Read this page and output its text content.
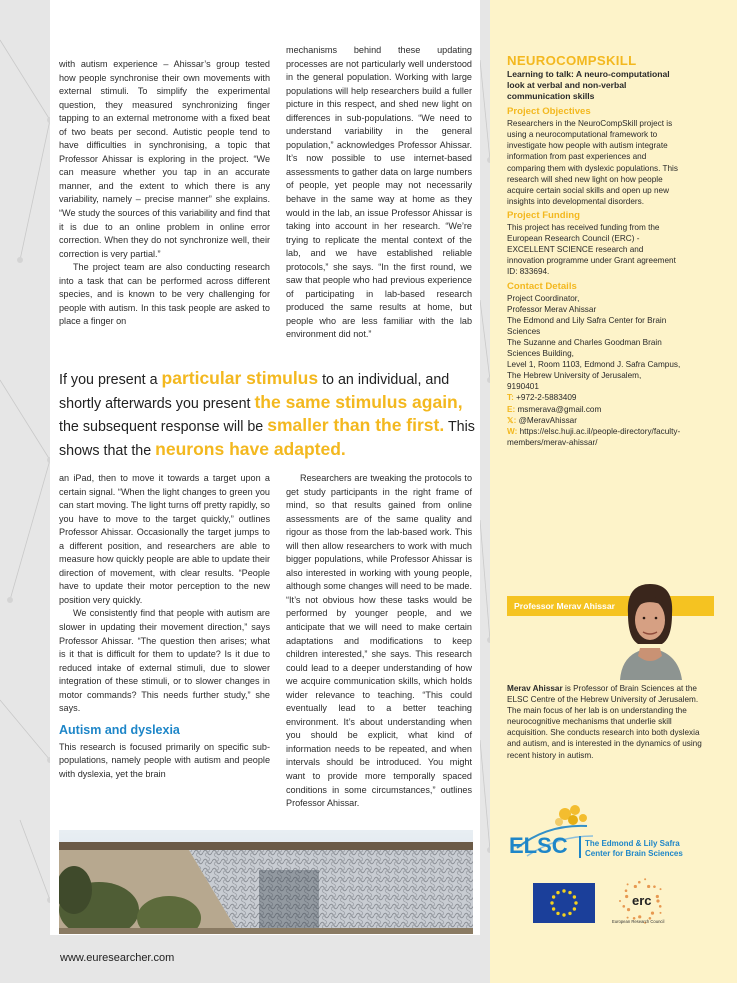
with autism experience – Ahissar’s group tested how people synchronise their own movements with external stimuli. To simplify the experimental question, they measured synchronizing finger tapping to an external metronome with a fixed beat of two beats per second. Autistic people tend to have difficulties in synchronising, a topic that Professor Ahissar is exploring in the project. “We can measure whether you tap in an accurate manner, and the extent to which there is any variability, namely – precise manner” she explains. “We study the sources of this variability and find that it is due to an online problem in online error correction. When they do not synchronize well, their correction is very partial.”

The project team are also conducting research into a task that can be performed across different species, and is known to be very challenging for people with autism. In this task people are asked to place a finger on

mechanisms behind these updating processes are not particularly well understood in the general population. Working with large populations will help researchers build a fuller picture in this respect, and shed new light on differences in sub-populations. “We need to understand variability in the general population,” acknowledges Professor Ahissar. It’s now possible to use internet-based assessments to gather data on large numbers of people, yet people may not necessarily behave in the same way at home as they would in the lab, an issue Professor Ahissar is taking into account in her research. “We’re trying to replicate the mental context of the lab, and we have established reliable protocols,” she says. “In the first round, we saw that people who had previous experience of participating in lab-based research produced the same results at home, but people who are less familiar with the lab environment did not.”

If you present a particular stimulus to an individual, and shortly afterwards you present the same stimulus again, the subsequent response will be smaller than the first. This shows that the neurons have adapted.

an iPad, then to move it towards a target upon a certain signal. “When the light changes to green you can start moving. The light turns off pretty rapidly, so you have to move to the target quickly,” outlines Professor Ahissar. Occasionally the target jumps to a different position, and researchers are able to measure how quickly people are able to update their direction of movement, with clear results. “People have to update their motor perception to the new position very quickly.

We consistently find that people with autism are slower in updating their movement direction,” says Professor Ahissar. “The question then arises; what is it that is difficult for them to update? Is it due to reduced intake of external stimuli, due to slower integration of these stimuli, or to slower changes in motor commands? This needs further study,” she says.

Autism and dyslexia

This research is focused primarily on specific sub-populations, namely people with autism and people with dyslexia, yet the brain

Researchers are tweaking the protocols to get study participants in the right frame of mind, so that results gained from online assessments are of the same quality and rigour as those from the lab-based work. This will then allow researchers to work with much bigger populations, while Professor Ahissar is also interested in working with young people, although some changes will need to be made. “It’s not obvious how these tasks would be performed by younger people, and we anticipate that we will need to make certain adaptations and modifications to keep children interested,” she says. This research could lead to a deeper understanding of how we acquire communication skills, which holds wider relevance to teaching. “This could eventually lead to a better teaching environment. It’s about understanding when you should be explicit, what kind of information needs to be repeated, and when intervals should be introduced. You might want to provide more temporally spaced conditions in some circumstances,” outlines Professor Ahissar.

www.euresearcher.com
NEUROCOMPSKILL
Learning to talk: A neuro-computational look at verbal and non-verbal communication skills
Project Objectives
Researchers in the NeuroCompSkill project is using a neurocomputational framework to investigate how people with autism integrate information from past experiences and comparing them with dyslexic populations. This research will shed new light on how people acquire certain social skills and open up new insights into developmental disorders.
Project Funding
This project has received funding from the European Research Council (ERC) - EXCELLENT SCIENCE research and innovation programme under Grant agreement ID: 833694.
Contact Details
Project Coordinator,
Professor Merav Ahissar
The Edmond and Lily Safra Center for Brain Sciences
The Suzanne and Charles Goodman Brain Sciences Building,
Level 1, Room 1103, Edmond J. Safra Campus,
The Hebrew University of Jerusalem,
9190401
T: +972-2-5883409
E: msmerava@gmail.com
𝕏: @MeravAhissar
W: https://elsc.huji.ac.il/people-directory/faculty-members/merav-ahissar/
Professor Merav Ahissar
Merav Ahissar is Professor of Brain Sciences at the ELSC Centre of the Hebrew University of Jerusalem. The main focus of her lab is on understanding the neurocognitive mechanisms that underlie skill acquisition. She conducts research into both dyslexia and autism, and is interested in the dynamics of using recent history in autism.
ELSC The Edmond & Lily Safra
Center for Brain Sciences
erc
European Research Council
